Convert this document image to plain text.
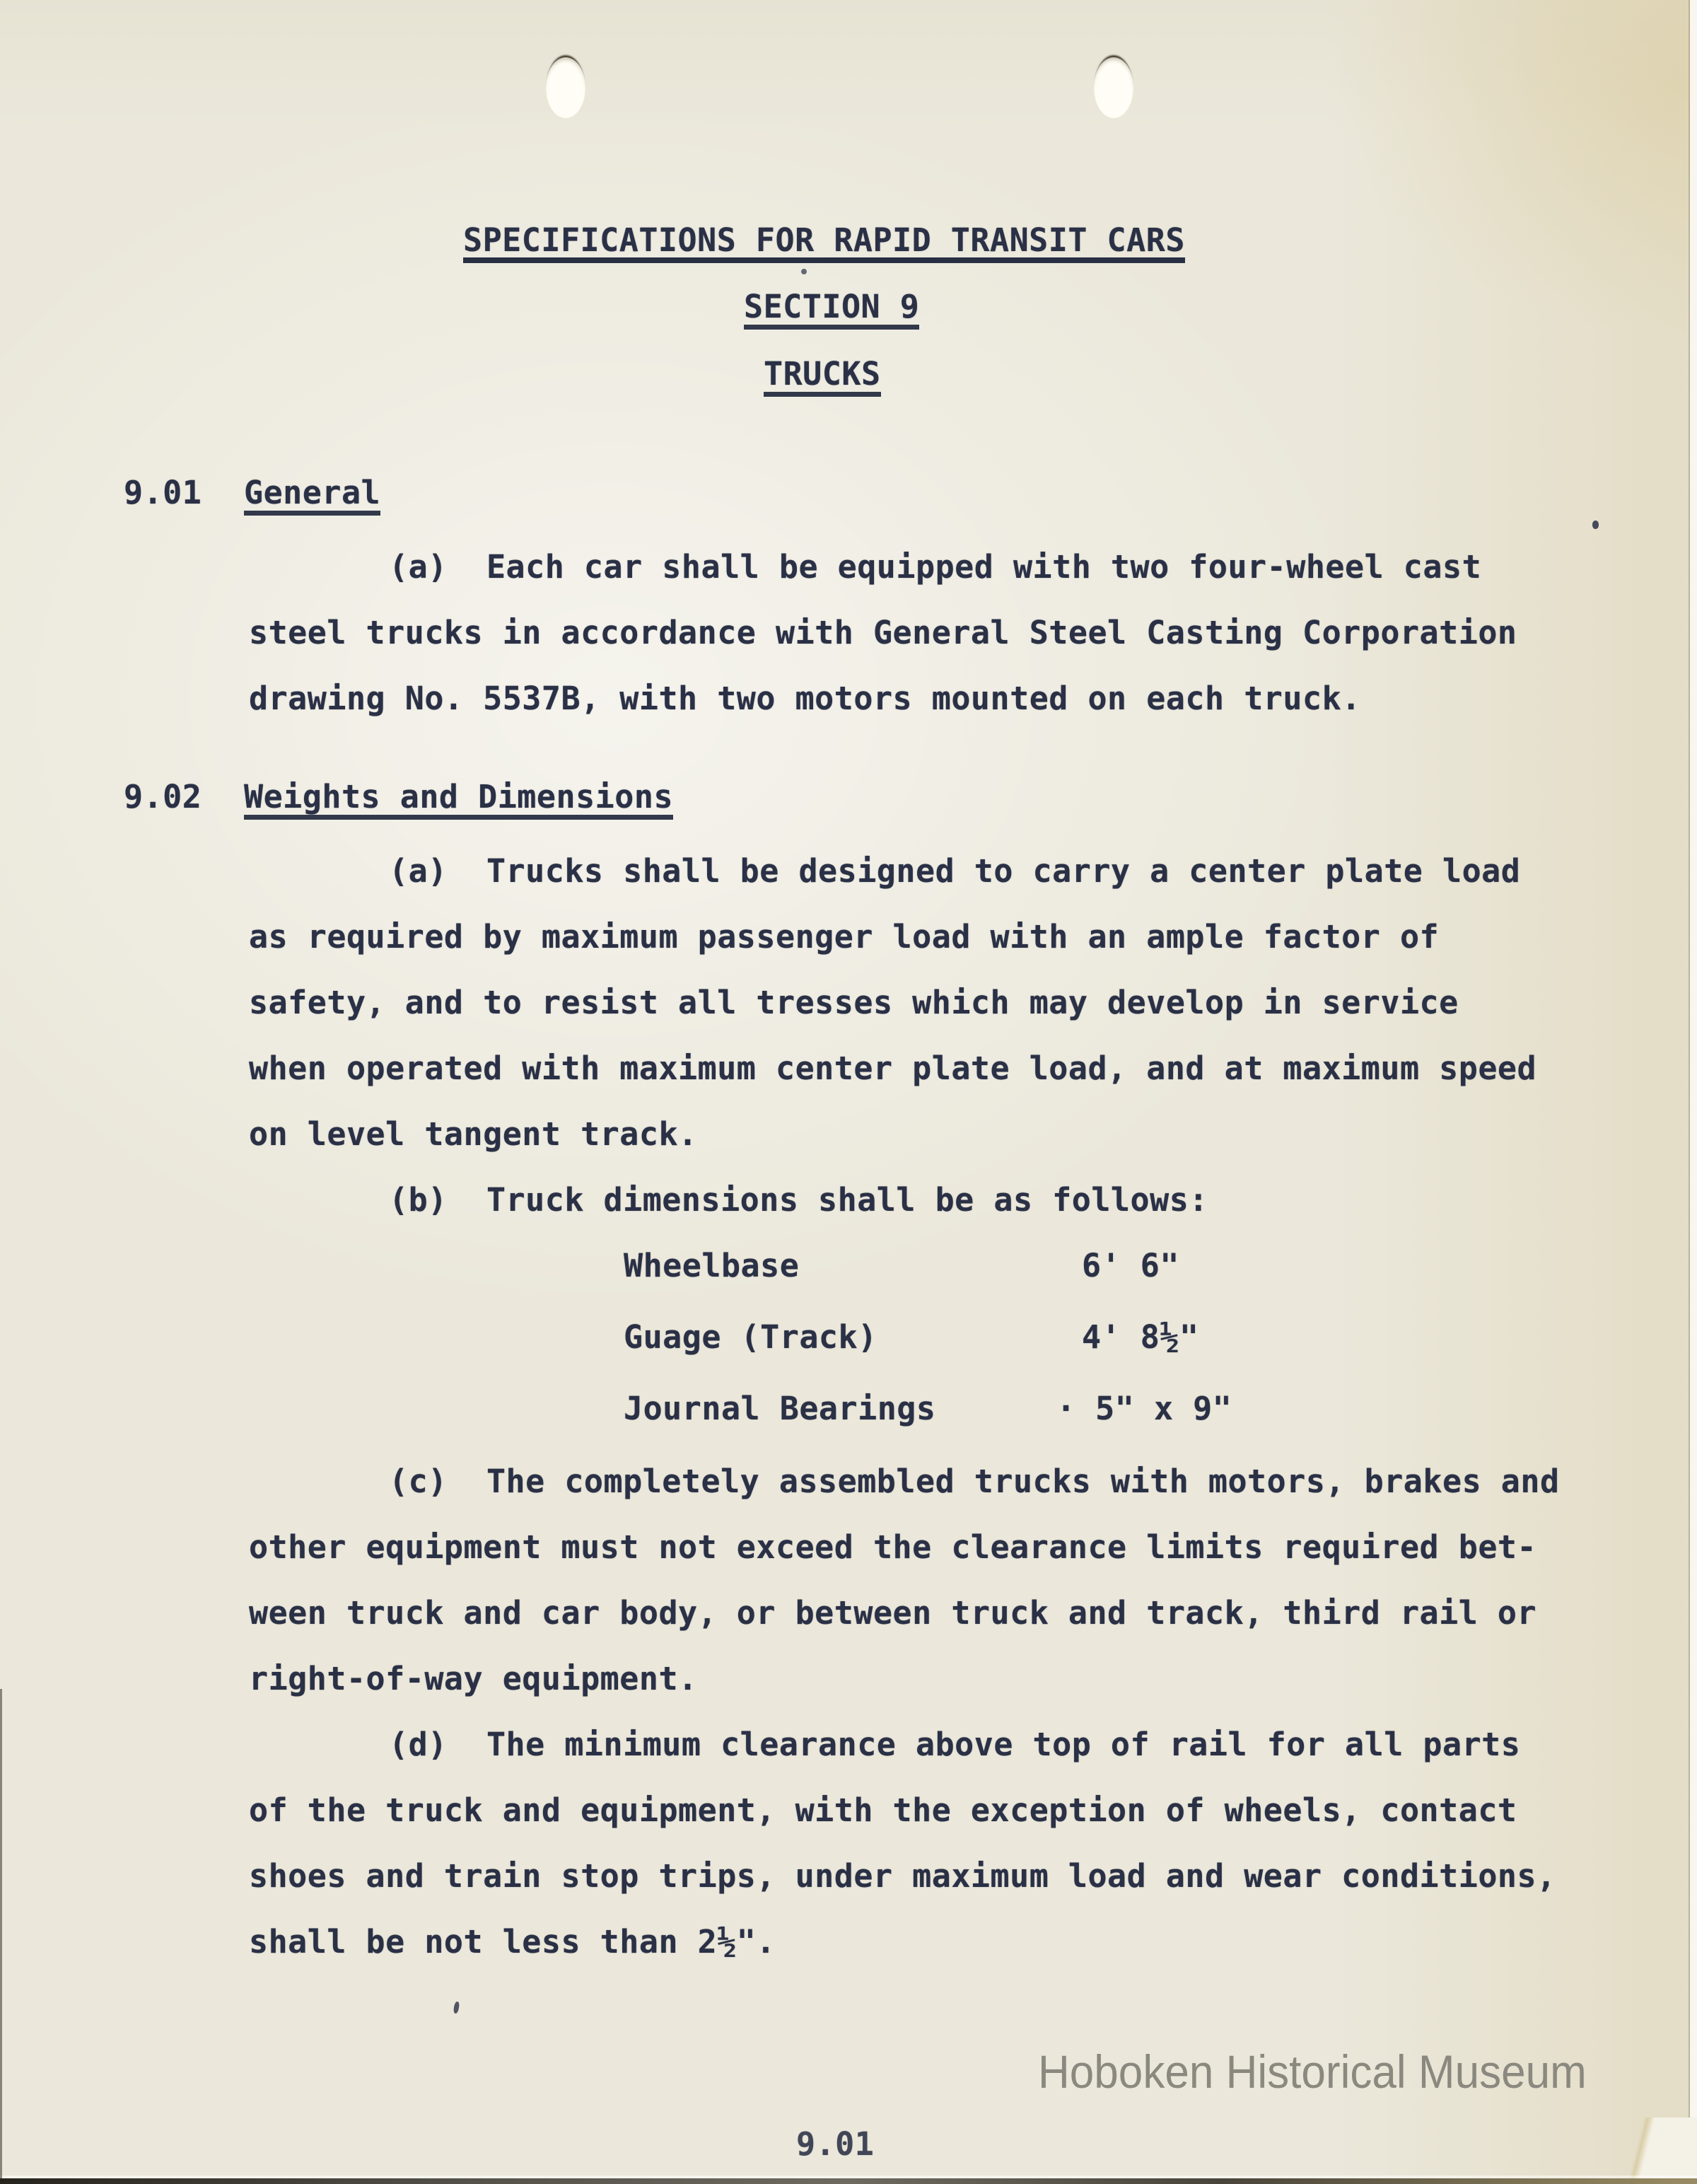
SPECIFICATIONS FOR RAPID TRANSIT CARS
SECTION 9
TRUCKS
9.01 General
(a)  Each car shall be equipped with two four-wheel cast
steel trucks in accordance with General Steel Casting Corporation
drawing No. 5537B, with two motors mounted on each truck.
9.02 Weights and Dimensions
(a)  Trucks shall be designed to carry a center plate load
as required by maximum passenger load with an ample factor of
safety, and to resist all tresses which may develop in service
when operated with maximum center plate load, and at maximum speed
on level tangent track.
(b)  Truck dimensions shall be as follows:
Wheelbase	6' 6"
Guage (Track)	4' 8½"
Journal Bearings	· 5" x 9"
(c)  The completely assembled trucks with motors, brakes and
other equipment must not exceed the clearance limits required bet-
ween truck and car body, or between truck and track, third rail or
right-of-way equipment.
(d)  The minimum clearance above top of rail for all parts
of the truck and equipment, with the exception of wheels, contact
shoes and train stop trips, under maximum load and wear conditions,
shall be not less than 2½".
Hoboken Historical Museum
9.01
